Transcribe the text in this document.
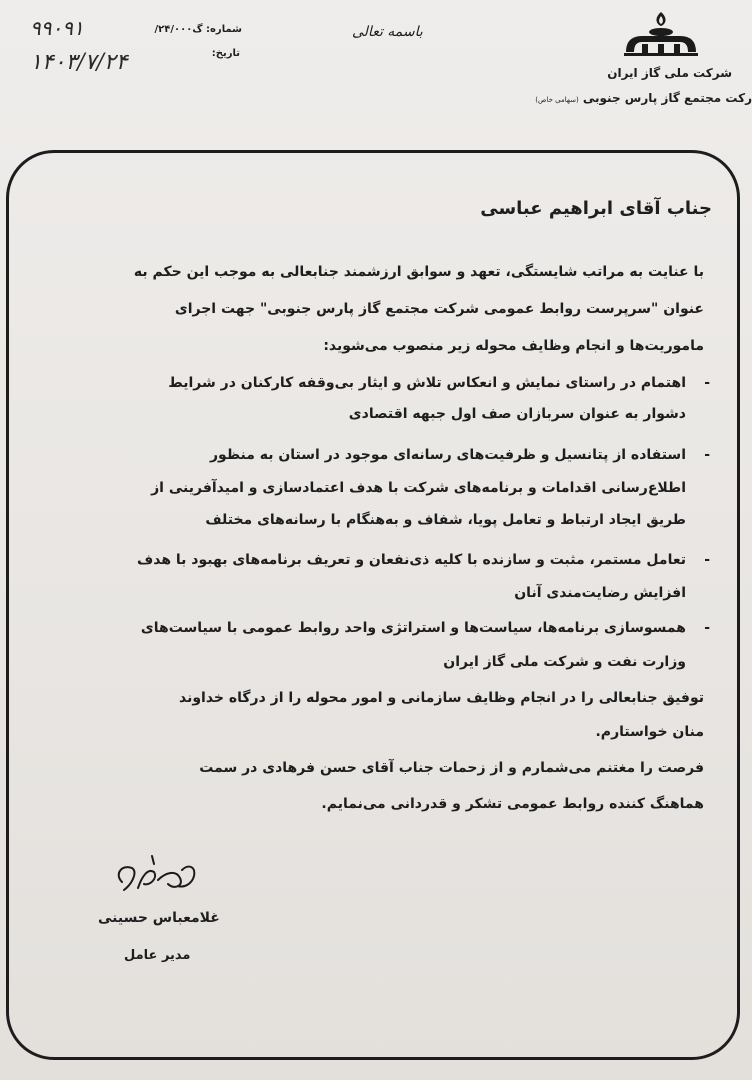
شرکت ملی گاز ایران
رکت مجتمع گاز پارس جنوبی (سهامی خاص)
باسمه تعالی
شماره: گ۲۴/۰۰۰/
۹۹۰۹۱
تاریخ:
۱۴۰۳/۷/۲۴
جناب آقای ابراهیم عباسی
با عنایت به مراتب شایستگی، تعهد و سوابق ارزشمند جنابعالی به موجب این حکم به
عنوان "سرپرست روابط عمومی شرکت مجتمع گاز پارس جنوبی" جهت اجرای
ماموریت‌ها و انجام وظایف محوله زیر منصوب می‌شوید:
-
اهتمام در راستای نمایش و انعکاس تلاش و ایثار بی‌وقفه کارکنان در شرایط
دشوار به عنوان سربازان صف اول جبهه اقتصادی
-
استفاده از پتانسیل و ظرفیت‌های رسانه‌ای موجود در استان به منظور
اطلاع‌رسانی اقدامات و برنامه‌های شرکت با هدف اعتمادسازی و امیدآفرینی از
طریق ایجاد ارتباط و تعامل پویا، شفاف و به‌هنگام با رسانه‌های مختلف
-
تعامل مستمر، مثبت و سازنده با کلیه ذی‌نفعان و تعریف برنامه‌های بهبود با هدف
افزایش رضایت‌مندی آنان
-
همسوسازی برنامه‌ها، سیاست‌ها و استراتژی واحد روابط عمومی با سیاست‌های
وزارت نفت و شرکت ملی گاز ایران
توفیق جنابعالی را در انجام وظایف سازمانی و امور محوله را از درگاه خداوند
منان خواستارم.
فرصت را مغتنم می‌شمارم و از زحمات جناب آقای حسن فرهادی در سمت
هماهنگ کننده روابط عمومی تشکر و قدردانی می‌نمایم.
غلامعباس حسینی
مدیر عامل
